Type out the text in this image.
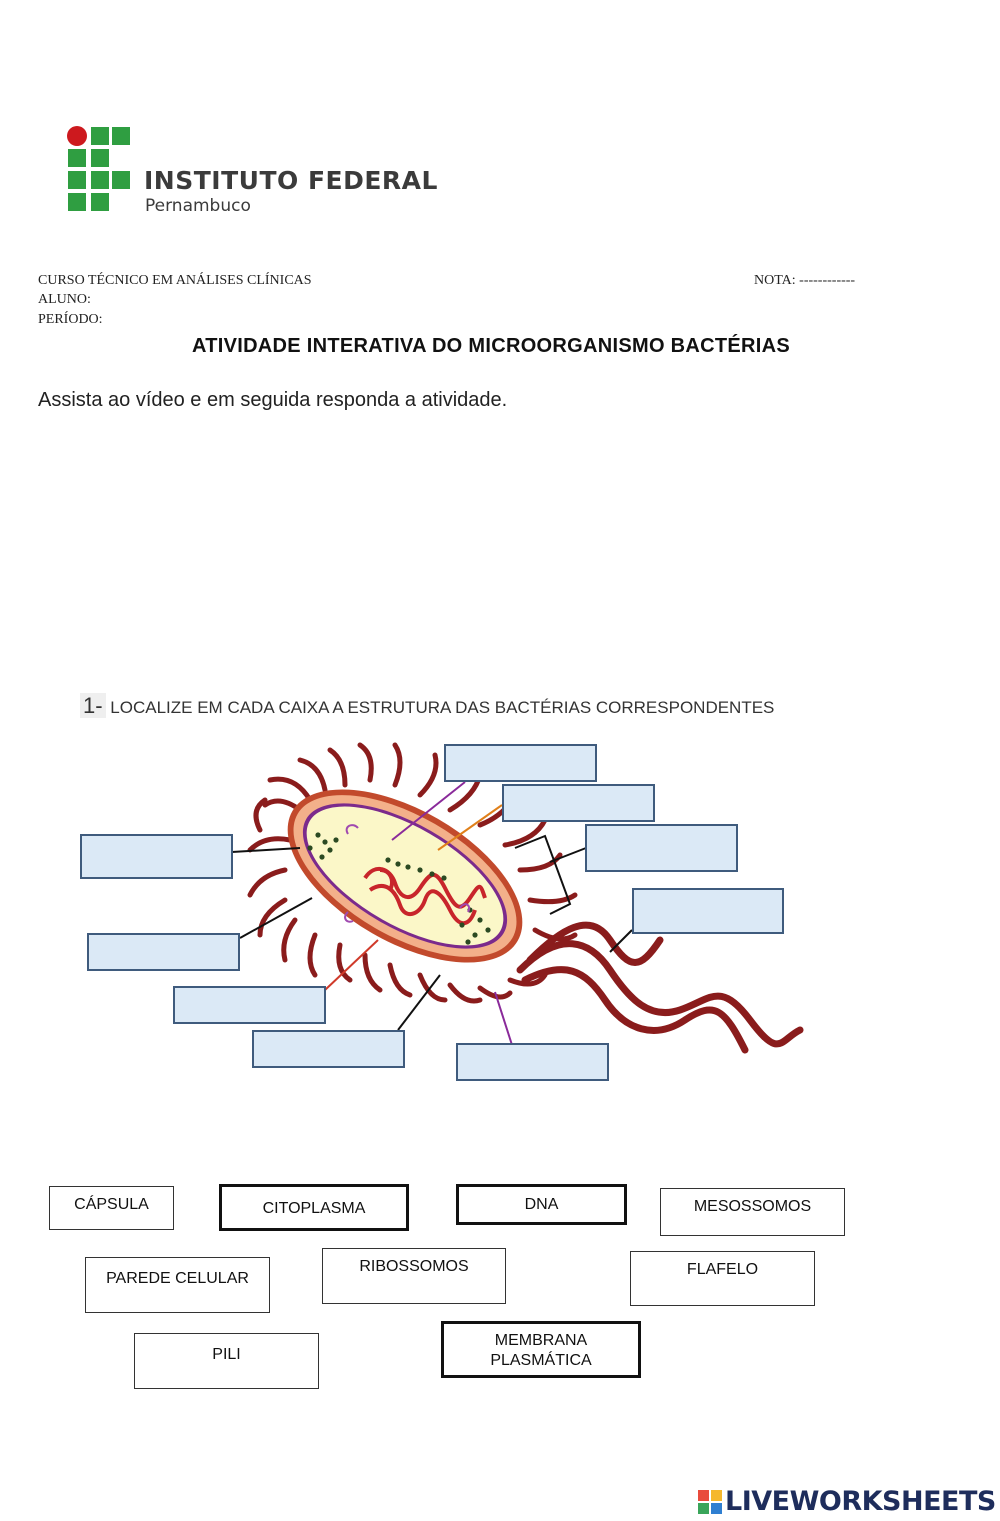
INSTITUTO FEDERAL
Pernambuco
CURSO TÉCNICO EM ANÁLISES CLÍNICAS	NOTA: ------------
ALUNO:
PERÍODO:
ATIVIDADE INTERATIVA DO MICROORGANISMO BACTÉRIAS
Assista ao vídeo e em seguida responda a atividade.
1- LOCALIZE EM CADA CAIXA A ESTRUTURA DAS BACTÉRIAS CORRESPONDENTES
CÁPSULA	CITOPLASMA	DNA	MESOSSOMOS
PAREDE CELULAR
RIBOSSOMOS	FLAFELO
PILI
MEMBRANA PLASMÁTICA
LIVEWORKSHEETS
